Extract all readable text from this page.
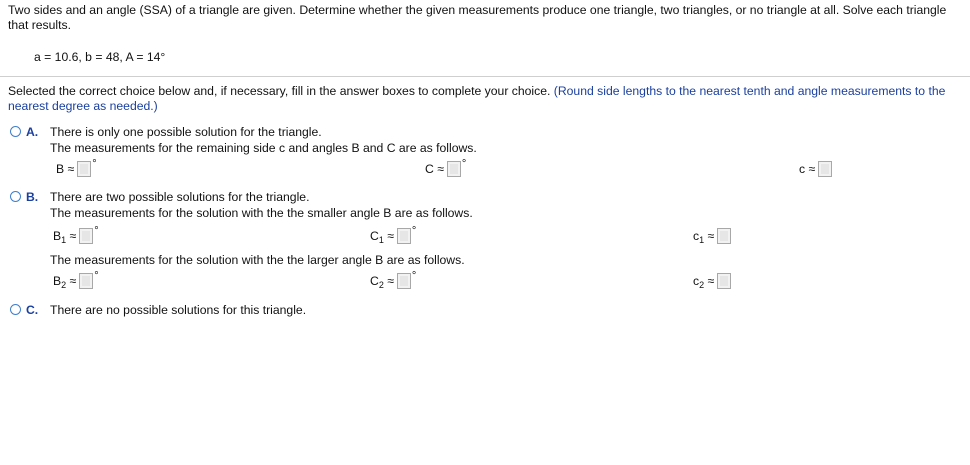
Two sides and an angle (SSA) of a triangle are given. Determine whether the given measurements produce one triangle, two triangles, or no triangle at all. Solve each triangle that results.
a = 10.6, b = 48, A = 14°
Selected the correct choice below and, if necessary, fill in the answer boxes to complete your choice. (Round side lengths to the nearest tenth and angle measurements to the nearest degree as needed.)
A. There is only one possible solution for the triangle.
The measurements for the remaining side c and angles B and C are as follows.
B ≈ °	C ≈ °	c ≈
B. There are two possible solutions for the triangle.
The measurements for the solution with the the smaller angle B are as follows.
$B_1$ ≈ °	$C_1$ ≈ °	$c_1$ ≈
The measurements for the solution with the the larger angle B are as follows.
$B_2$ ≈ °	$C_2$ ≈ °	$c_2$ ≈
C. There are no possible solutions for this triangle.
